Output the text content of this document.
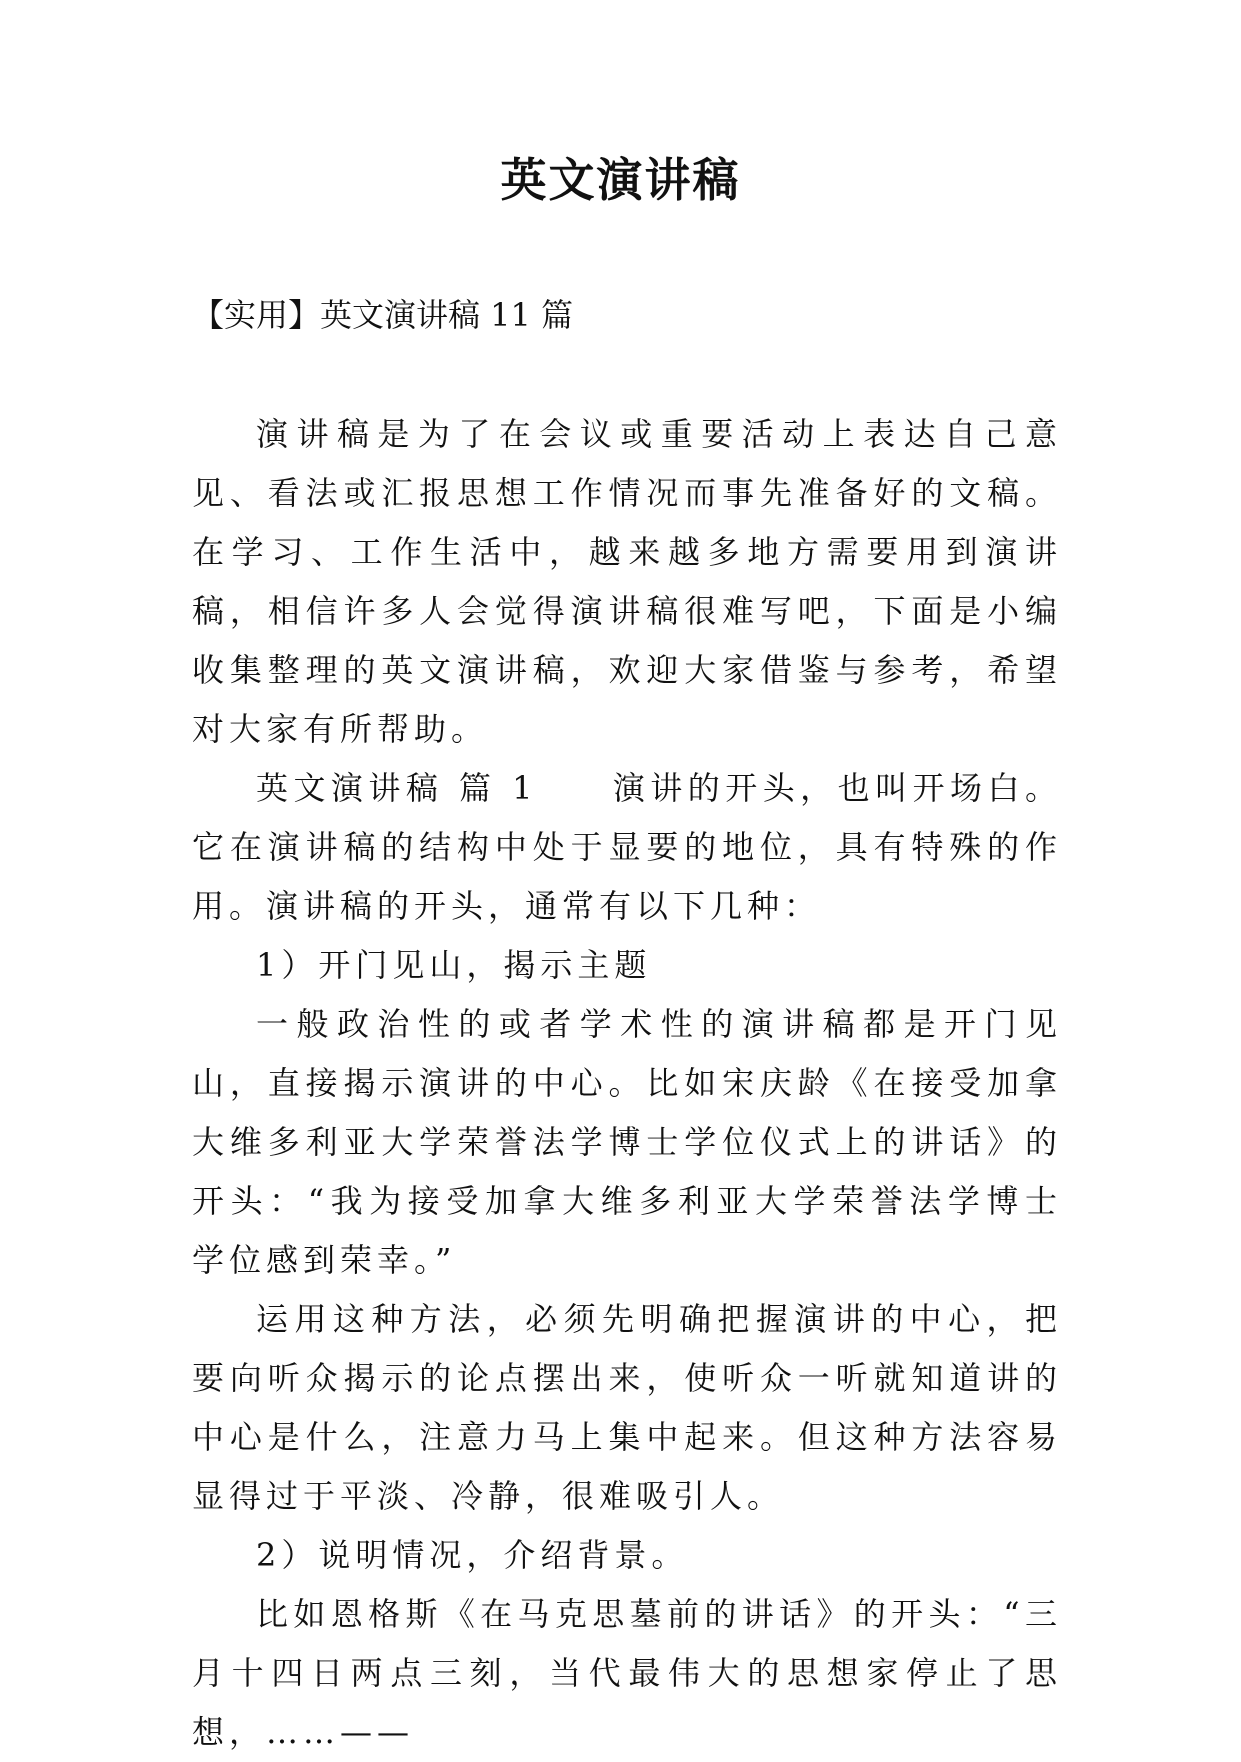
英文演讲稿
【实用】英文演讲稿 11 篇

演讲稿是为了在会议或重要活动上表达自己意见、看法或汇报思想工作情况而事先准备好的文稿。在学习、工作生活中，越来越多地方需要用到演讲稿，相信许多人会觉得演讲稿很难写吧，下面是小编收集整理的英文演讲稿，欢迎大家借鉴与参考，希望对大家有所帮助。

英文演讲稿 篇 1　　演讲的开头，也叫开场白。它在演讲稿的结构中处于显要的地位，具有特殊的作用。演讲稿的开头，通常有以下几种：

1）开门见山，揭示主题

一般政治性的或者学术性的演讲稿都是开门见山，直接揭示演讲的中心。比如宋庆龄《在接受加拿大维多利亚大学荣誉法学博士学位仪式上的讲话》的开头：“我为接受加拿大维多利亚大学荣誉法学博士学位感到荣幸。”

运用这种方法，必须先明确把握演讲的中心，把要向听众揭示的论点摆出来，使听众一听就知道讲的中心是什么，注意力马上集中起来。但这种方法容易显得过于平淡、冷静，很难吸引人。

2）说明情况，介绍背景。

比如恩格斯《在马克思墓前的讲话》的开头：“三月十四日两点三刻，当代最伟大的思想家停止了思想，……——
